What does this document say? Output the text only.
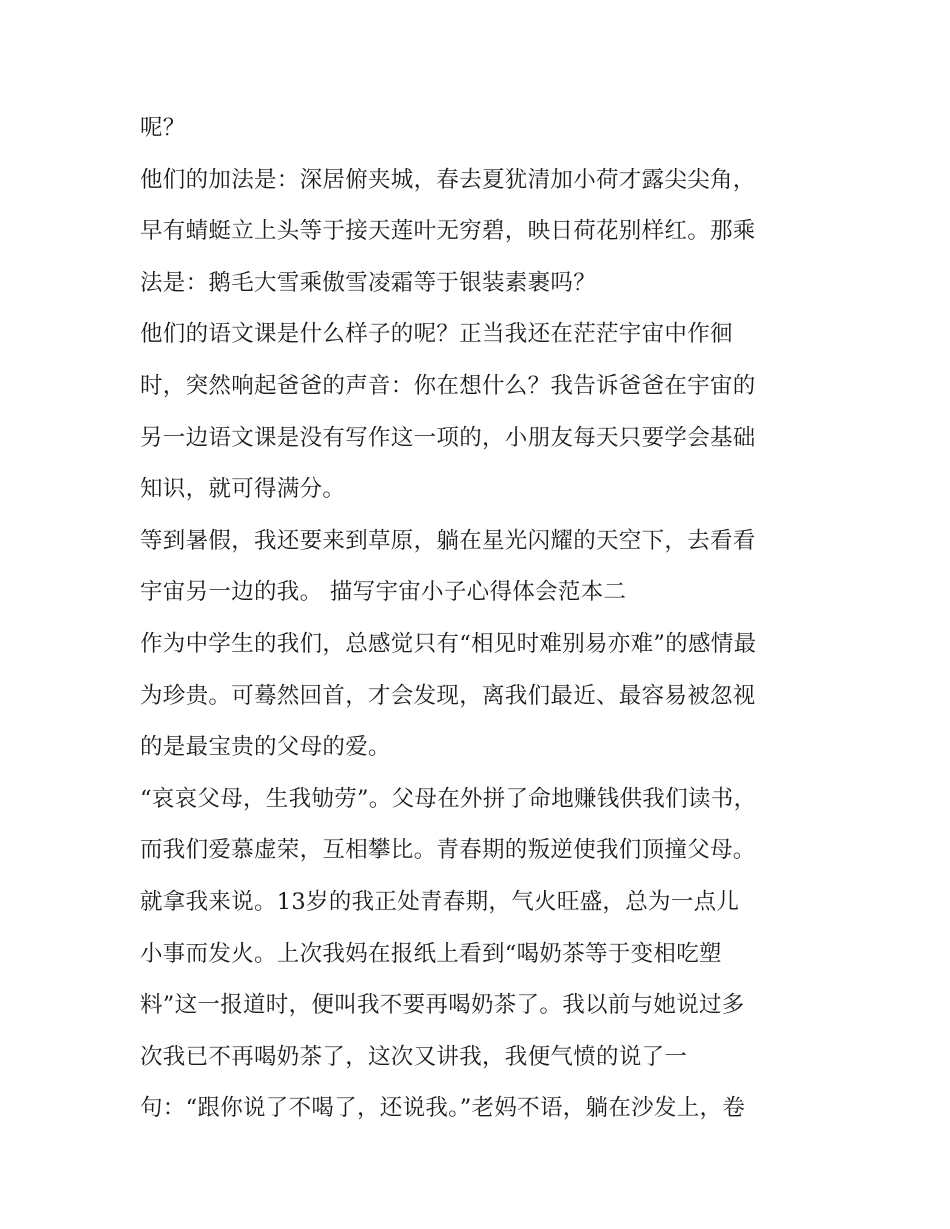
呢？
他们的加法是：深居俯夹城，春去夏犹清加小荷才露尖尖角，
早有蜻蜓立上头等于接天莲叶无穷碧，映日荷花别样红。那乘
法是：鹅毛大雪乘傲雪凌霜等于银装素裹吗？
他们的语文课是什么样子的呢？正当我还在茫茫宇宙中作徊
时，突然响起爸爸的声音：你在想什么？我告诉爸爸在宇宙的
另一边语文课是没有写作这一项的，小朋友每天只要学会基础
知识，就可得满分。
等到暑假，我还要来到草原，躺在星光闪耀的天空下，去看看
宇宙另一边的我。 描写宇宙小子心得体会范本二
作为中学生的我们，总感觉只有“相见时难别易亦难”的感情最
为珍贵。可蓦然回首，才会发现，离我们最近、最容易被忽视
的是最宝贵的父母的爱。
“哀哀父母，生我劬劳”。父母在外拼了命地赚钱供我们读书，
而我们爱慕虚荣，互相攀比。青春期的叛逆使我们顶撞父母。
就拿我来说。13岁的我正处青春期，气火旺盛，总为一点儿
小事而发火。上次我妈在报纸上看到“喝奶茶等于变相吃塑
料”这一报道时，便叫我不要再喝奶茶了。我以前与她说过多
次我已不再喝奶茶了，这次又讲我，我便气愤的说了一
句：“跟你说了不喝了，还说我。”老妈不语，躺在沙发上，卷
